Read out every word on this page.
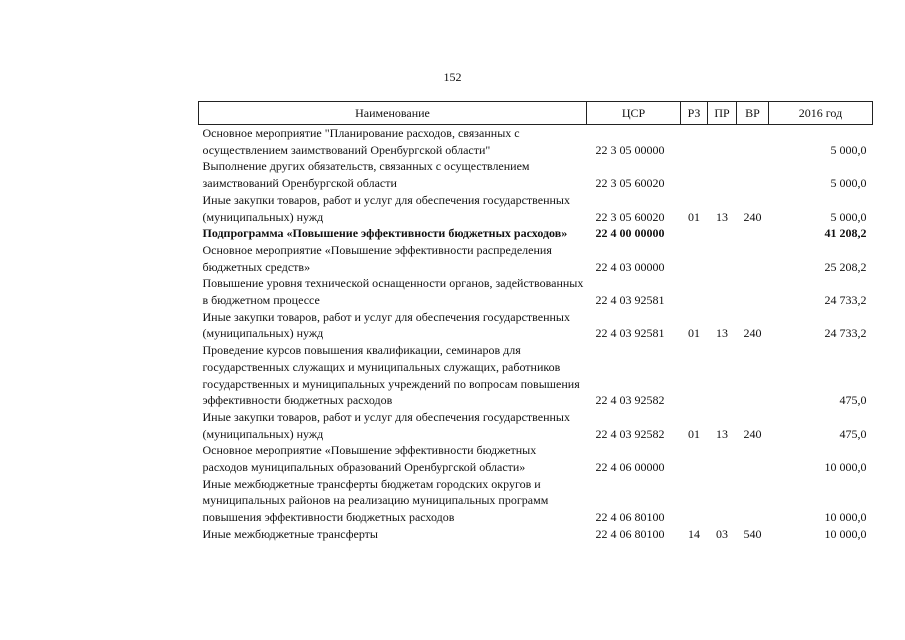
152
Наименование	ЦСР	РЗ	ПР	ВР	2016 год
Основное мероприятие "Планирование расходов, связанных с осуществлением заимствований Оренбургской области"	22 3 05 00000				5 000,0
Выполнение других обязательств, связанных с осуществлением заимствований Оренбургской области	22 3 05 60020				5 000,0
Иные закупки товаров, работ и услуг для обеспечения государственных (муниципальных) нужд	22 3 05 60020	01	13	240	5 000,0
Подпрограмма «Повышение эффективности бюджетных расходов»	22 4 00 00000				41 208,2
Основное мероприятие «Повышение эффективности распределения бюджетных средств»	22 4 03 00000				25 208,2
Повышение уровня технической оснащенности органов, задействованных в бюджетном процессе	22 4 03 92581				24 733,2
Иные закупки товаров, работ и услуг для обеспечения государственных (муниципальных) нужд	22 4 03 92581	01	13	240	24 733,2
Проведение курсов повышения квалификации, семинаров для государственных служащих и муниципальных служащих, работников государственных и муниципальных учреждений по вопросам повышения эффективности бюджетных расходов	22 4 03 92582				475,0
Иные закупки товаров, работ и услуг для обеспечения государственных (муниципальных) нужд	22 4 03 92582	01	13	240	475,0
Основное мероприятие «Повышение эффективности бюджетных расходов муниципальных образований Оренбургской области»	22 4 06 00000				10 000,0
Иные межбюджетные трансферты бюджетам городских округов и муниципальных районов на реализацию муниципальных программ повышения эффективности бюджетных расходов	22 4 06 80100				10 000,0
Иные межбюджетные трансферты	22 4 06 80100	14	03	540	10 000,0
